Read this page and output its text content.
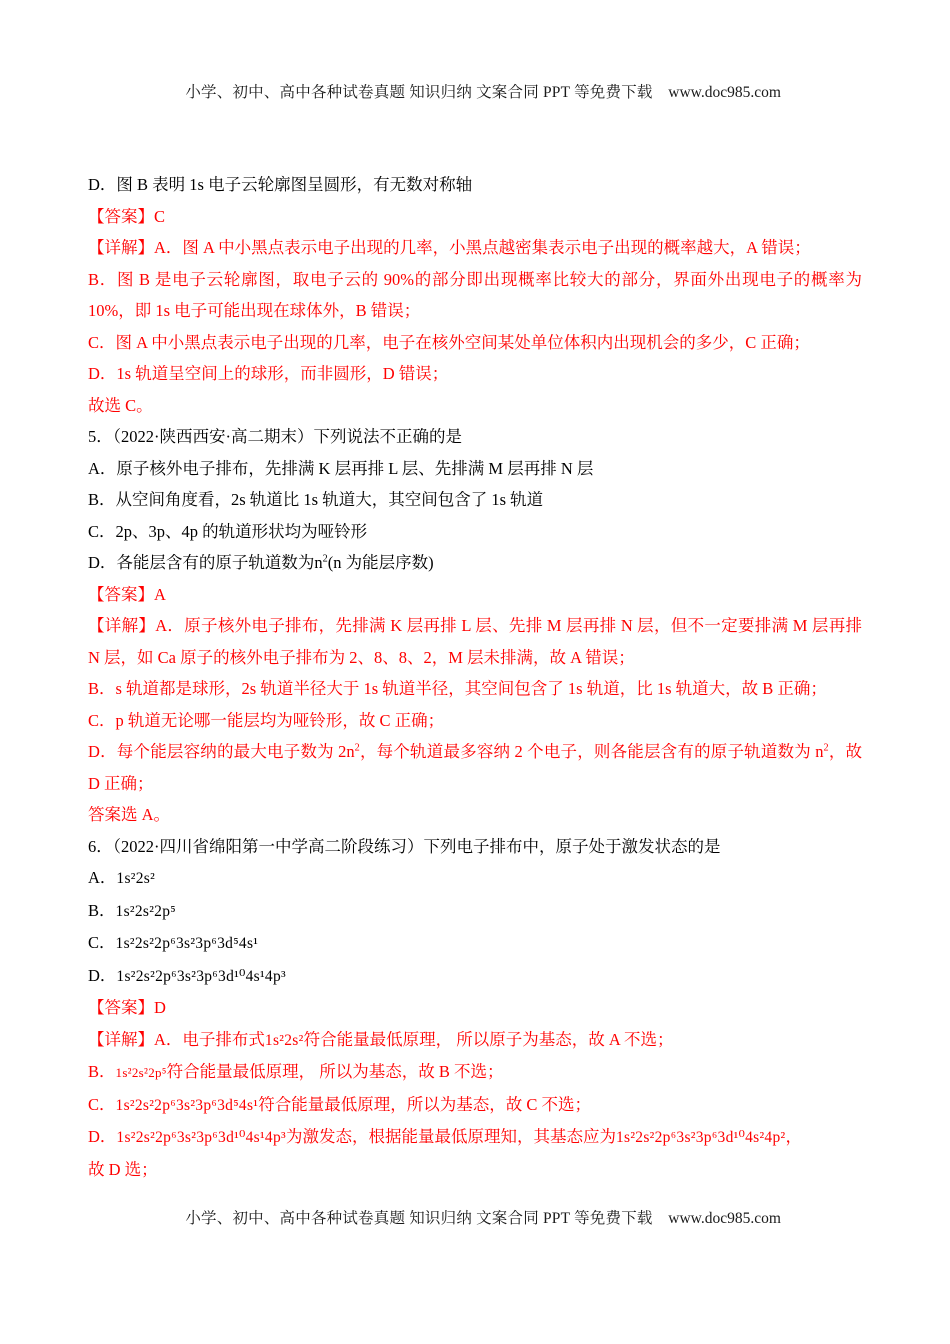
小学、初中、高中各种试卷真题 知识归纳 文案合同 PPT 等免费下载  www.doc985.com

D．图 B 表明 1s 电子云轮廓图呈圆形，有无数对称轴
【答案】C
【详解】A．图 A 中小黑点表示电子出现的几率，小黑点越密集表示电子出现的概率越大，A 错误；
B．图 B 是电子云轮廓图，取电子云的 90%的部分即出现概率比较大的部分，界面外出现电子的概率为 10%，即 1s 电子可能出现在球体外，B 错误；
C．图 A 中小黑点表示电子出现的几率，电子在核外空间某处单位体积内出现机会的多少，C 正确；
D．1s 轨道呈空间上的球形，而非圆形，D 错误；
故选 C。
5．（2022·陕西西安·高二期末）下列说法不正确的是
A．原子核外电子排布，先排满 K 层再排 L 层、先排满 M 层再排 N 层
B．从空间角度看，2s 轨道比 1s 轨道大，其空间包含了 1s 轨道
C．2p、3p、4p 的轨道形状均为哑铃形
D．各能层含有的原子轨道数为$n^2(n$ 为能层序数)
【答案】A
【详解】A．原子核外电子排布，先排满 K 层再排 L 层、先排 M 层再排 N 层，但不一定要排满 M 层再排 N 层，如 Ca 原子的核外电子排布为 2、8、8、2，M 层未排满，故 A 错误；
B．s 轨道都是球形，2s 轨道半径大于 1s 轨道半径，其空间包含了 1s 轨道，比 1s 轨道大，故 B 正确；
C．p 轨道无论哪一能层均为哑铃形，故 C 正确；
D．每个能层容纳的最大电子数为 $2n^2$，每个轨道最多容纳 2 个电子，则各能层含有的原子轨道数为 $n^2$，故 D 正确；
答案选 A。
6．（2022·四川省绵阳第一中学高二阶段练习）下列电子排布中，原子处于激发状态的是
A．1s²2s²
B．1s²2s²2p⁵
C．1s²2s²2p⁶3s²3p⁶3d⁵4s¹
D．1s²2s²2p⁶3s²3p⁶3d¹⁰4s¹4p³
【答案】D
【详解】A．电子排布式1s²2s²符合能量最低原理， 所以原子为基态，故 A 不选；
B．1s²2s²2p⁵符合能量最低原理， 所以为基态，故 B 不选；
C．1s²2s²2p⁶3s²3p⁶3d⁵4s¹符合能量最低原理，所以为基态，故 C 不选；
D．1s²2s²2p⁶3s²3p⁶3d¹⁰4s¹4p³为激发态，根据能量最低原理知，其基态应为1s²2s²2p⁶3s²3p⁶3d¹⁰4s²4p²，
故 D 选；

小学、初中、高中各种试卷真题 知识归纳 文案合同 PPT 等免费下载  www.doc985.com
